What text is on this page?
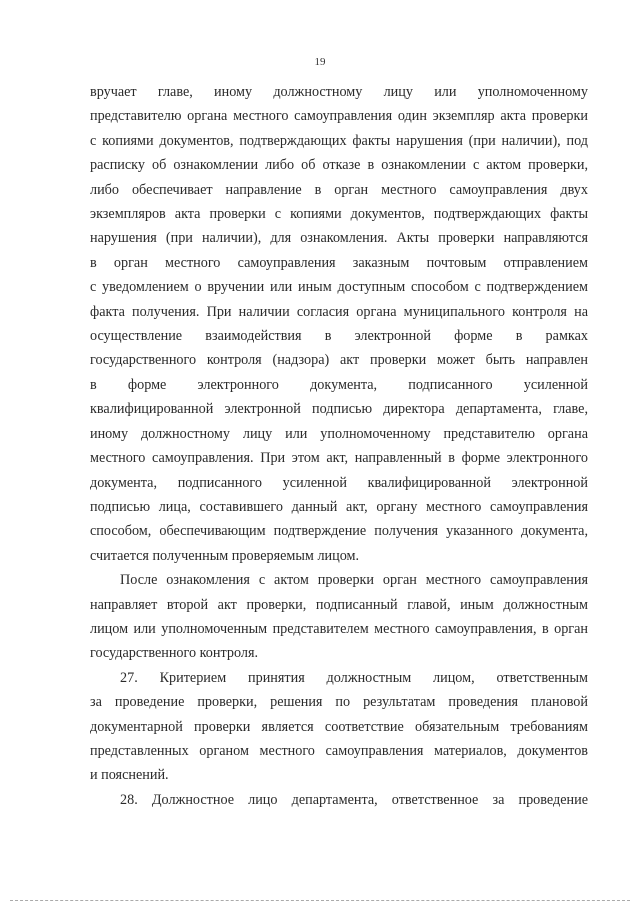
19

вручает главе, иному должностному лицу или уполномоченному

представителю органа местного самоуправления один экземпляр акта проверки

с копиями документов, подтверждающих факты нарушения (при наличии), под

расписку об ознакомлении либо об отказе в ознакомлении с актом проверки,

либо обеспечивает направление в орган местного самоуправления двух

экземпляров акта проверки с копиями документов, подтверждающих факты

нарушения (при наличии), для ознакомления. Акты проверки направляются

в орган местного самоуправления заказным почтовым отправлением

с уведомлением о вручении или иным доступным способом с подтверждением

факта получения. При наличии согласия органа муниципального контроля на

осуществление взаимодействия в электронной форме в рамках

государственного контроля (надзора) акт проверки может быть направлен

в форме электронного документа, подписанного усиленной

квалифицированной электронной подписью директора департамента, главе,

иному должностному лицу или уполномоченному представителю органа

местного самоуправления. При этом акт, направленный в форме электронного

документа, подписанного усиленной квалифицированной электронной

подписью лица, составившего данный акт, органу местного самоуправления

способом, обеспечивающим подтверждение получения указанного документа,

считается полученным проверяемым лицом.

После ознакомления с актом проверки орган местного самоуправления

направляет второй акт проверки, подписанный главой, иным должностным

лицом или уполномоченным представителем местного самоуправления, в орган

государственного контроля.

27. Критерием принятия должностным лицом, ответственным

за проведение проверки, решения по результатам проведения плановой

документарной проверки является соответствие обязательным требованиям

представленных органом местного самоуправления материалов, документов

и пояснений.

28. Должностное лицо департамента, ответственное за проведение
